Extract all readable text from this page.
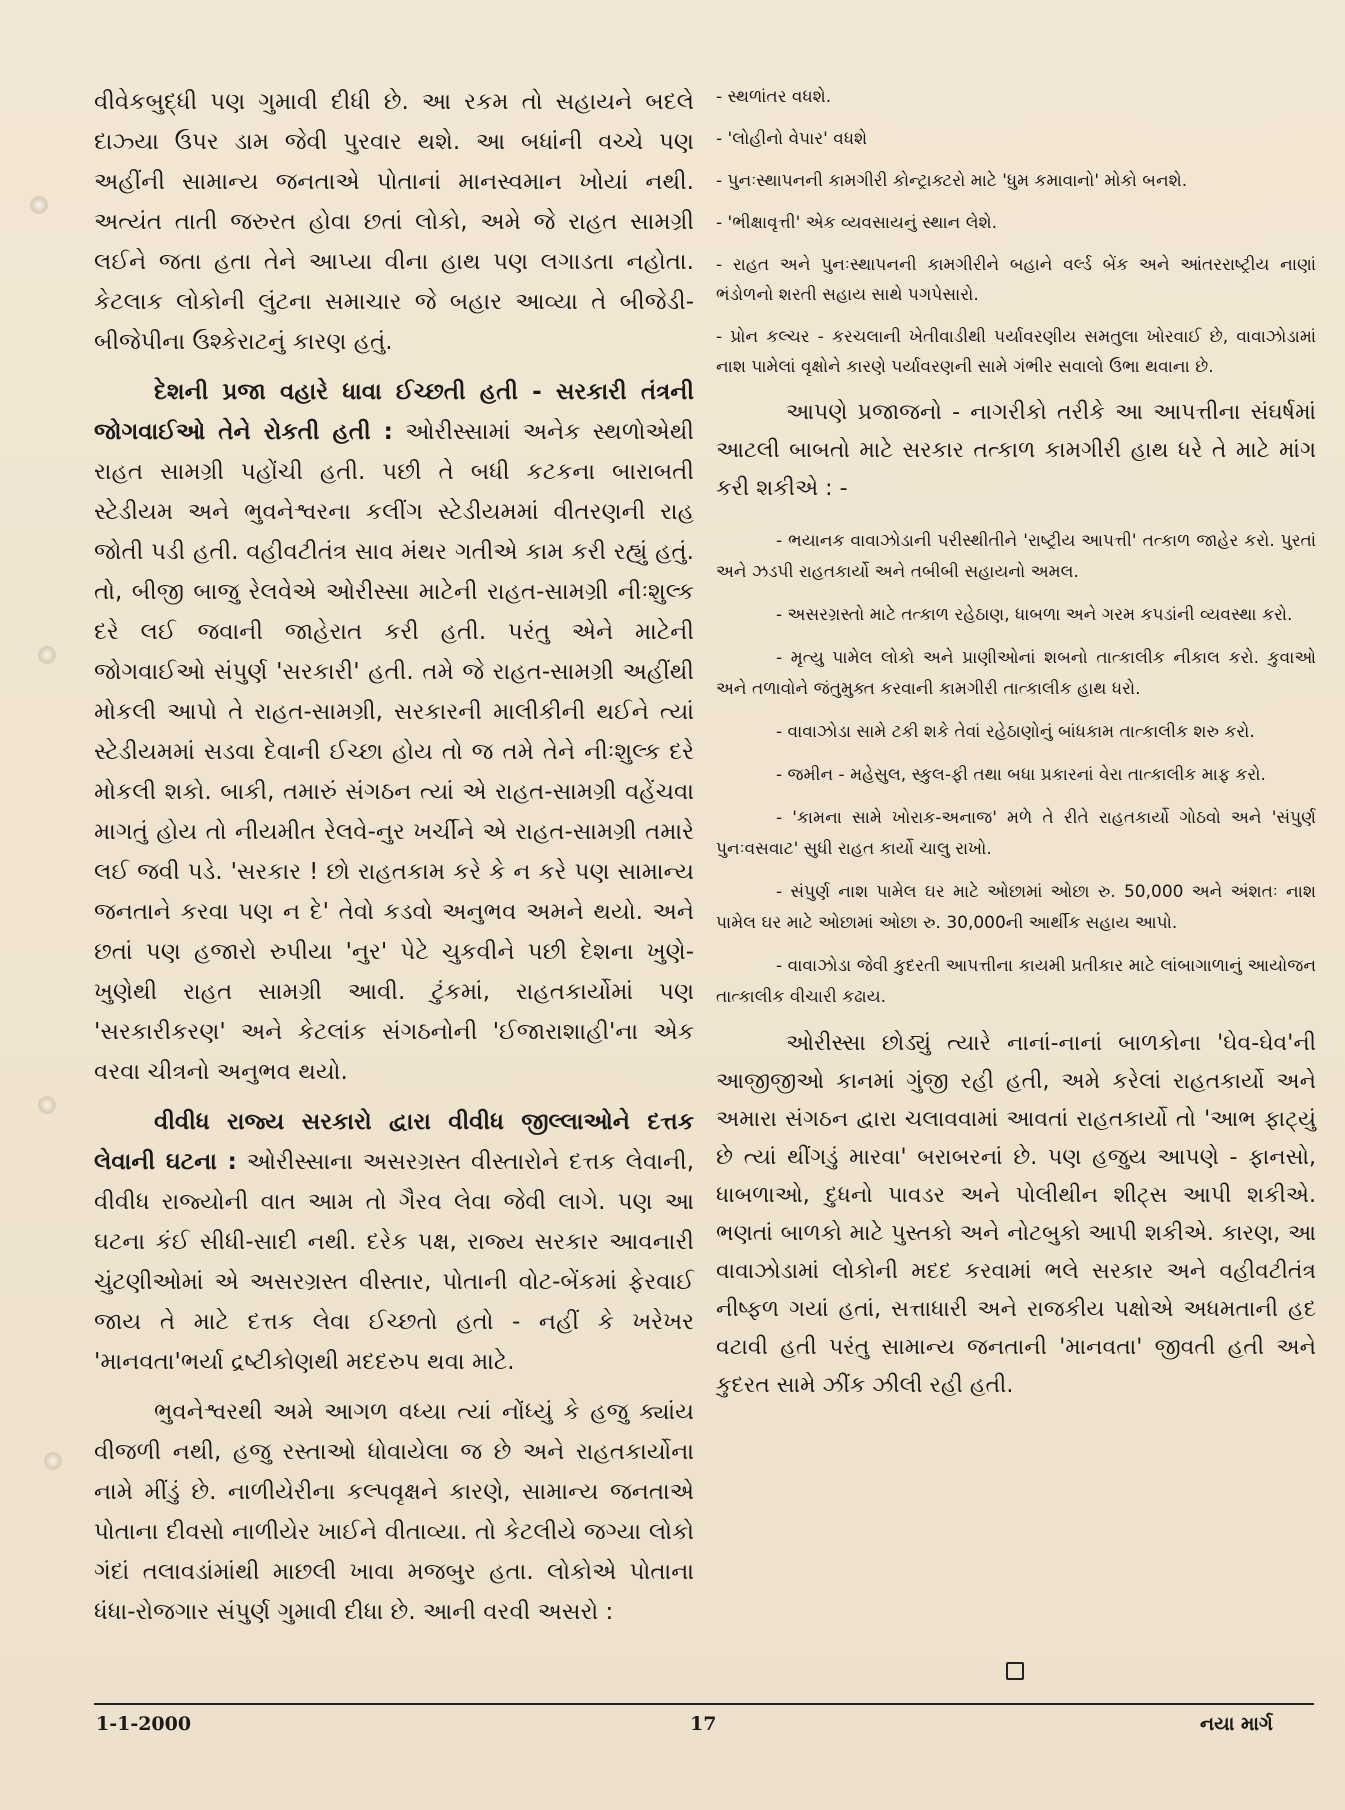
વીવેકબુદ્ધી પણ ગુમાવી દીધી છે. આ રકમ તો સહાયને બદલે દાઝ્યા ઉપર ડામ જેવી પુરવાર થશે. આ બધાંની વચ્ચે પણ અહીંની સામાન્ય જનતાએ પોતાનાં માનસ્વમાન ખોયાં નથી. અત્યંત તાતી જરુરત હોવા છતાં લોકો, અમે જે રાહત સામગ્રી લઈને જતા હતા તેને આપ્યા વીના હાથ પણ લગાડતા નહોતા. કેટલાક લોકોની લુંટના સમાચાર જે બહાર આવ્યા તે બીજેડી-બીજેપીના ઉશ્કેરાટનું કારણ હતું.

દેશની પ્રજા વહારે ધાવા ઈચ્છતી હતી - સરકારી તંત્રની જોગવાઈઓ તેને રોકતી હતી : ઓરીસ્સામાં અનેક સ્થળોએથી રાહત સામગ્રી પહોંચી હતી. પછી તે બધી કટકના બારાબતી સ્ટેડીયમ અને ભુવનેશ્વરના કલીંગ સ્ટેડીયમમાં વીતરણની રાહ જોતી પડી હતી. વહીવટીતંત્ર સાવ મંથર ગતીએ કામ કરી રહ્યું હતું. તો, બીજી બાજુ રેલવેએ ઓરીસ્સા માટેની રાહત-સામગ્રી નીઃશુલ્ક દરે લઈ જવાની જાહેરાત કરી હતી. પરંતુ એને માટેની જોગવાઈઓ સંપુર્ણ 'સરકારી' હતી. તમે જે રાહત-સામગ્રી અહીંથી મોકલી આપો તે રાહત-સામગ્રી, સરકારની માલીકીની થઈને ત્યાં સ્ટેડીયમમાં સડવા દેવાની ઈચ્છા હોય તો જ તમે તેને નીઃશુલ્ક દરે મોકલી શકો. બાકી, તમારું સંગઠન ત્યાં એ રાહત-સામગ્રી વહેંચવા માગતું હોય તો નીયમીત રેલવે-નુર ખર્ચીને એ રાહત-સામગ્રી તમારે લઈ જવી પડે. 'સરકાર ! છો રાહતકામ કરે કે ન કરે પણ સામાન્ય જનતાને કરવા પણ ન દે' તેવો કડવો અનુભવ અમને થયો. અને છતાં પણ હજારો રુપીયા 'નુર' પેટે ચુકવીને પછી દેશના ખુણે-ખુણેથી રાહત સામગ્રી આવી. ટુંકમાં, રાહતકાર્યોમાં પણ 'સરકારીકરણ' અને કેટલાંક સંગઠનોની 'ઈજારાશાહી'ના એક વરવા ચીત્રનો અનુભવ થયો.

વીવીધ રાજ્ય સરકારો દ્વારા વીવીધ જીલ્લાઓને દત્તક લેવાની ઘટના : ઓરીસ્સાના અસરગ્રસ્ત વીસ્તારોને દત્તક લેવાની, વીવીધ રાજ્યોની વાત આમ તો ગૈરવ લેવા જેવી લાગે. પણ આ ઘટના કંઈ સીધી-સાદી નથી. દરેક પક્ષ, રાજ્ય સરકાર આવનારી ચુંટણીઓમાં એ અસરગ્રસ્ત વીસ્તાર, પોતાની વોટ-બેંકમાં ફેરવાઈ જાય તે માટે દત્તક લેવા ઈચ્છતો હતો - નહીં કે ખરેખર 'માનવતા'ભર્યા દ્રષ્ટીકોણથી મદદરુપ થવા માટે.

ભુવનેશ્વરથી અમે આગળ વધ્યા ત્યાં નોંધ્યું કે હજુ ક્યાંય વીજળી નથી, હજુ રસ્તાઓ ધોવાયેલા જ છે અને રાહતકાર્યોના નામે મીંડું છે. નાળીયેરીના કલ્પવૃક્ષને કારણે, સામાન્ય જનતાએ પોતાના દીવસો નાળીયેર ખાઈને વીતાવ્યા. તો કેટલીયે જગ્યા લોકો ગંદાં તલાવડાંમાંથી માછલી ખાવા મજબુર હતા. લોકોએ પોતાના ધંધા-રોજગાર સંપુર્ણ ગુમાવી દીધા છે. આની વરવી અસરો :

- સ્થળાંતર વધશે.

- 'લોહીનો વેપાર' વધશે

- પુનઃસ્થાપનની કામગીરી કોન્ટ્રાક્ટરો માટે 'ધુમ કમાવાનો' મોકો બનશે.

- 'ભીક્ષાવૃત્તી' એક વ્યવસાયનું સ્થાન લેશે.

- રાહત અને પુનઃસ્થાપનની કામગીરીને બહાને વર્લ્ડ બેંક અને આંતરરાષ્ટ્રીય નાણાં ભંડોળનો શરતી સહાય સાથે પગપેસારો.

- પ્રોન કલ્ચર - કરચલાની ખેતીવાડીથી પર્યાવરણીય સમતુલા ખોરવાઈ છે, વાવાઝોડામાં નાશ પામેલાં વૃક્ષોને કારણે પર્યાવરણની સામે ગંભીર સવાલો ઉભા થવાના છે.

આપણે પ્રજાજનો - નાગરીકો તરીકે આ આપત્તીના સંઘર્ષમાં આટલી બાબતો માટે સરકાર તત્કાળ કામગીરી હાથ ધરે તે માટે માંગ કરી શકીએ : -

- ભયાનક વાવાઝોડાની પરીસ્થીતીને 'રાષ્ટ્રીય આપત્તી' તત્કાળ જાહેર કરો. પુરતાં અને ઝડપી રાહતકાર્યો અને તબીબી સહાયનો અમલ.

- અસરગ્રસ્તો માટે તત્કાળ રહેઠાણ, ધાબળા અને ગરમ કપડાંની વ્યવસ્થા કરો.

- મૃત્યુ પામેલ લોકો અને પ્રાણીઓનાં શબનો તાત્કાલીક નીકાલ કરો. કુવાઓ અને તળાવોને જંતુમુક્ત કરવાની કામગીરી તાત્કાલીક હાથ ધરો.

- વાવાઝોડા સામે ટકી શકે તેવાં રહેઠાણોનું બાંધકામ તાત્કાલીક શરુ કરો.

- જમીન - મહેસુલ, સ્કુલ-ફી તથા બધા પ્રકારનાં વેરા તાત્કાલીક માફ કરો.

- 'કામના સામે ખોરાક-અનાજ' મળે તે રીતે રાહતકાર્યો ગોઠવો અને 'સંપુર્ણ પુનઃવસવાટ' સુધી રાહત કાર્યો ચાલુ રાખો.

- સંપુર્ણ નાશ પામેલ ઘર માટે ઓછામાં ઓછા રુ. 50,000 અને અંશતઃ નાશ પામેલ ઘર માટે ઓછામાં ઓછા રુ. 30,000ની આર્થીક સહાય આપો.

- વાવાઝોડા જેવી કુદરતી આપત્તીના કાયમી પ્રતીકાર માટે લાંબાગાળાનું આયોજન તાત્કાલીક વીચારી કઢાય.

ઓરીસ્સા છોડ્યું ત્યારે નાનાં-નાનાં બાળકોના 'ઘેવ-ઘેવ'ની આજીજીઓ કાનમાં ગુંજી રહી હતી, અમે કરેલાં રાહતકાર્યો અને અમારા સંગઠન દ્વારા ચલાવવામાં આવતાં રાહતકાર્યો તો 'આભ ફાટ્યું છે ત્યાં થીંગડું મારવા' બરાબરનાં છે. પણ હજુય આપણે - ફાનસો, ધાબળાઓ, દુધનો પાવડર અને પોલીથીન શીટ્સ આપી શકીએ. ભણતાં બાળકો માટે પુસ્તકો અને નોટબુકો આપી શકીએ. કારણ, આ વાવાઝોડામાં લોકોની મદદ કરવામાં ભલે સરકાર અને વહીવટીતંત્ર નીષ્ફળ ગયાં હતાં, સત્તાધારી અને રાજકીય પક્ષોએ અધમતાની હદ વટાવી હતી પરંતુ સામાન્ય જનતાની 'માનવતા' જીવતી હતી અને કુદરત સામે ઝીંક ઝીલી રહી હતી.

1-1-2000	17	નયા માર્ગ
